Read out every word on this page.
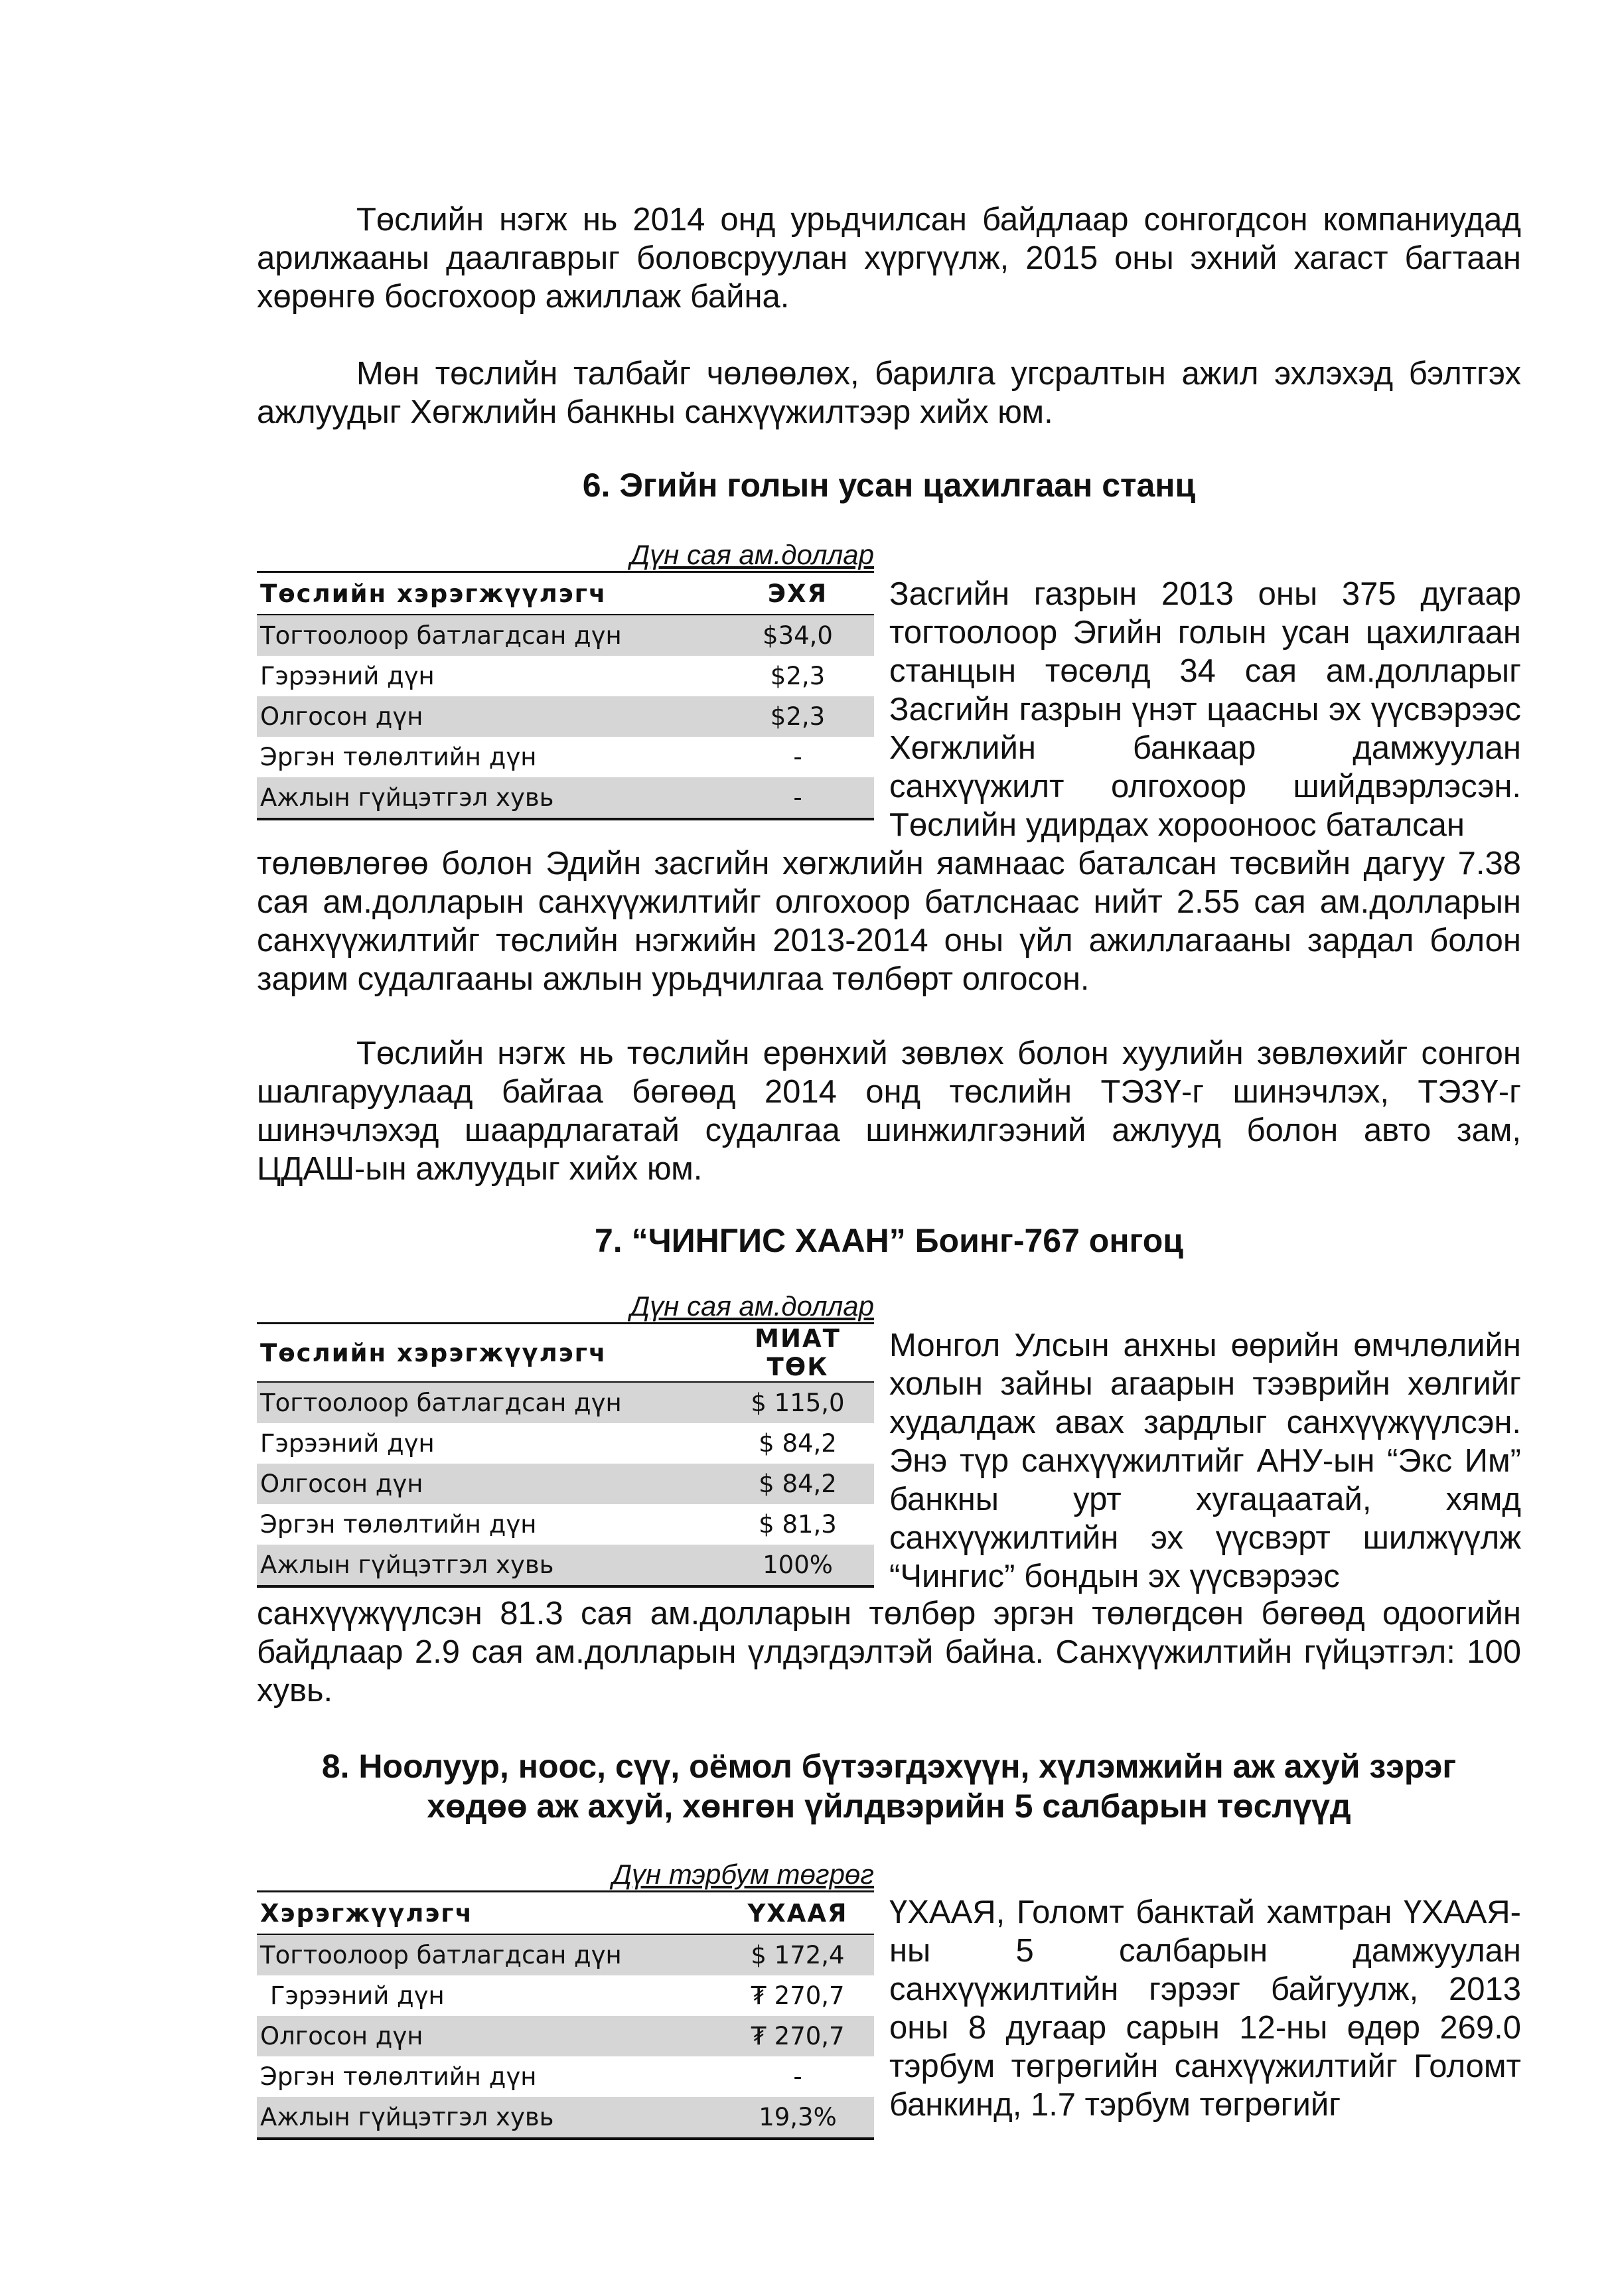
Төслийн нэгж нь 2014 онд урьдчилсан байдлаар сонгогдсон компаниудад арилжааны даалгаврыг боловсруулан хүргүүлж, 2015 оны эхний хагаст багтаан хөрөнгө босгохоор ажиллаж байна.

Мөн төслийн талбайг чөлөөлөх, барилга угсралтын ажил эхлэхэд бэлтгэх ажлуудыг Хөгжлийн банкны санхүүжилтээр хийх юм.

6. Эгийн голын усан цахилгаан станц
Дүн сая ам.доллар
Төслийн хэрэгжүүлэгч	ЭХЯ
Тогтоолоор батлагдсан дүн	$34,0
Гэрээний дүн	$2,3
Олгосон дүн	$2,3
Эргэн төлөлтийн дүн	-
Ажлын гүйцэтгэл хувь	-

Засгийн газрын 2013 оны 375 дугаар тогтоолоор Эгийн голын усан цахилгаан станцын төсөлд 34 сая ам.долларыг Засгийн газрын үнэт цаасны эх үүсвэрээс Хөгжлийн банкаар дамжуулан санхүүжилт олгохоор шийдвэрлэсэн. Төслийн удирдах хорооноос баталсан

төлөвлөгөө болон Эдийн засгийн хөгжлийн яамнаас баталсан төсвийн дагуу 7.38 сая ам.долларын санхүүжилтийг олгохоор батлснаас нийт 2.55 сая ам.долларын санхүүжилтийг төслийн нэгжийн 2013-2014 оны үйл ажиллагааны зардал болон зарим судалгааны ажлын урьдчилгаа төлбөрт олгосон.

Төслийн нэгж нь төслийн ерөнхий зөвлөх болон хуулийн зөвлөхийг сонгон шалгаруулаад байгаа бөгөөд 2014 онд төслийн ТЭЗҮ-г шинэчлэх, ТЭЗҮ-г шинэчлэхэд шаардлагатай судалгаа шинжилгээний ажлууд болон авто зам, ЦДАШ-ын ажлуудыг хийх юм.

7. “ЧИНГИС ХААН” Боинг-767 онгоц
Дүн сая ам.доллар
Төслийн хэрэгжүүлэгч	МИАТ ТӨК
Тогтоолоор батлагдсан дүн	$ 115,0
Гэрээний дүн	$ 84,2
Олгосон дүн	$ 84,2
Эргэн төлөлтийн дүн	$ 81,3
Ажлын гүйцэтгэл хувь	100%

Монгол Улсын анхны өөрийн өмчлөлийн холын зайны агаарын тээврийн хөлгийг худалдаж авах зардлыг санхүүжүүлсэн. Энэ түр санхүүжилтийг АНУ-ын “Экс Им” банкны урт хугацаатай, хямд санхүүжилтийн эх үүсвэрт шилжүүлж “Чингис” бондын эх үүсвэрээс

санхүүжүүлсэн 81.3 сая ам.долларын төлбөр эргэн төлөгдсөн бөгөөд одоогийн байдлаар 2.9 сая ам.долларын үлдэгдэлтэй байна. Санхүүжилтийн гүйцэтгэл: 100 хувь.

8. Ноолуур, ноос, сүү, оёмол бүтээгдэхүүн, хүлэмжийн аж ахуй зэрэг
хөдөө аж ахуй, хөнгөн үйлдвэрийн 5 салбарын төслүүд
Дүн тэрбум төгрөг
Хэрэгжүүлэгч	ҮХААЯ
Тогтоолоор батлагдсан дүн	$ 172,4
Гэрээний дүн	₮ 270,7
Олгосон дүн	₮ 270,7
Эргэн төлөлтийн дүн	-
Ажлын гүйцэтгэл хувь	19,3%

ҮХААЯ, Голомт банктай хамтран ҮХААЯ-ны 5 салбарын дамжуулан санхүүжилтийн гэрээг байгуулж, 2013 оны 8 дугаар сарын 12-ны өдөр 269.0 тэрбум төгрөгийн санхүүжилтийг Голомт банкинд, 1.7 тэрбум төгрөгийг
